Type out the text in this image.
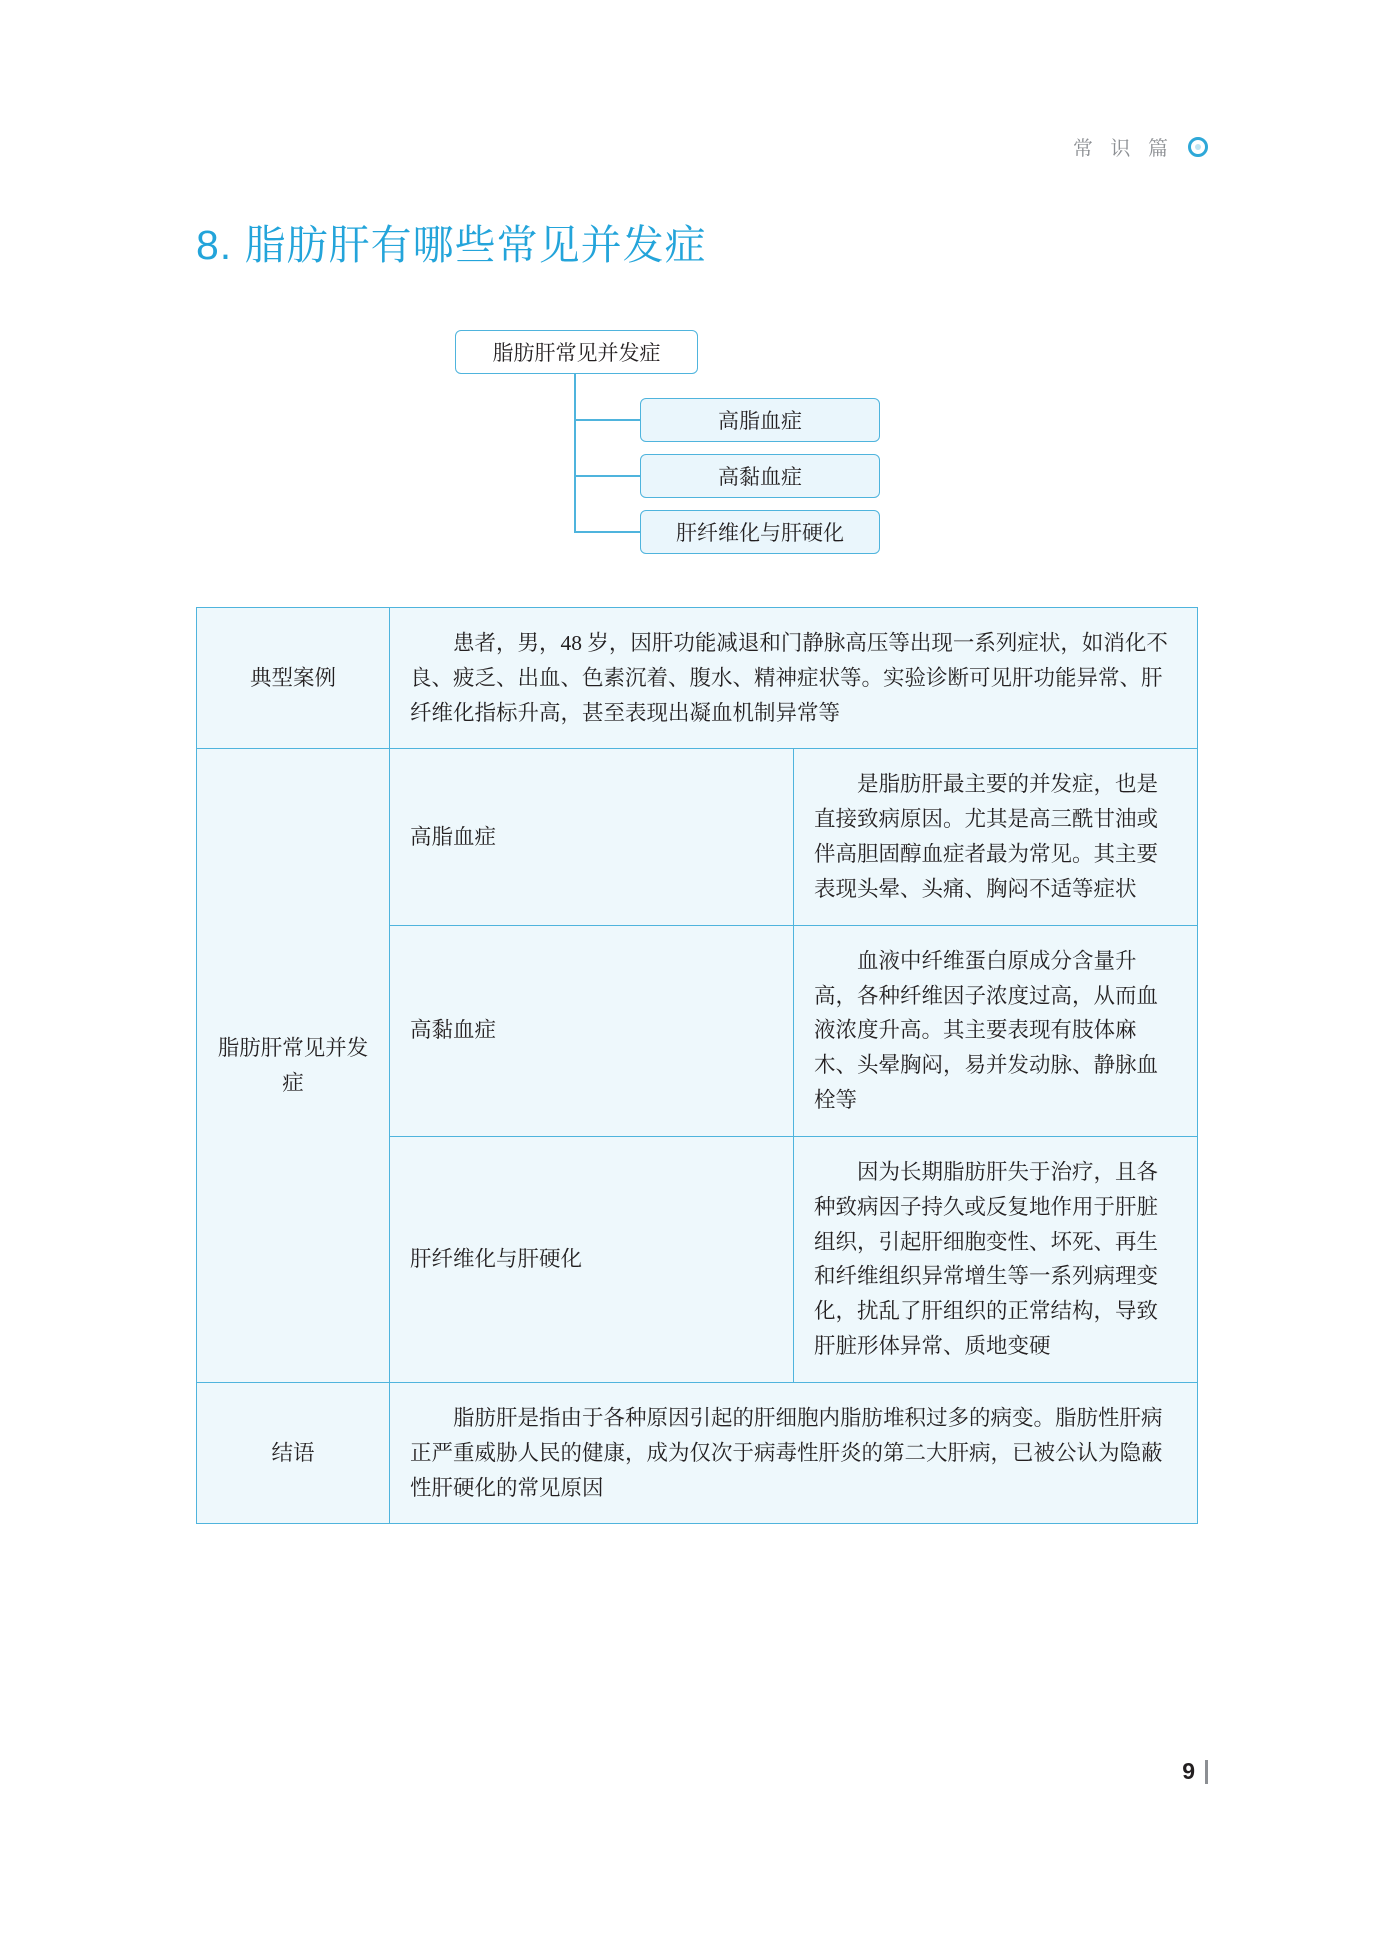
常 识 篇
8. 脂肪肝有哪些常见并发症
脂肪肝常见并发症
高脂血症
高黏血症
肝纤维化与肝硬化
典型案例	患者，男，48 岁，因肝功能减退和门静脉高压等出现一系列症状，如消化不良、疲乏、出血、色素沉着、腹水、精神症状等。实验诊断可见肝功能异常、肝纤维化指标升高，甚至表现出凝血机制异常等	
脂肪肝常见并发症	高脂血症	是脂肪肝最主要的并发症，也是直接致病原因。尤其是高三酰甘油或伴高胆固醇血症者最为常见。其主要表现头晕、头痛、胸闷不适等症状
	高黏血症	血液中纤维蛋白原成分含量升高，各种纤维因子浓度过高，从而血液浓度升高。其主要表现有肢体麻木、头晕胸闷，易并发动脉、静脉血栓等
	肝纤维化与肝硬化	因为长期脂肪肝失于治疗，且各种致病因子持久或反复地作用于肝脏组织，引起肝细胞变性、坏死、再生和纤维组织异常增生等一系列病理变化，扰乱了肝组织的正常结构，导致肝脏形体异常、质地变硬
结语	脂肪肝是指由于各种原因引起的肝细胞内脂肪堆积过多的病变。脂肪性肝病正严重威胁人民的健康，成为仅次于病毒性肝炎的第二大肝病，已被公认为隐蔽性肝硬化的常见原因	
9
